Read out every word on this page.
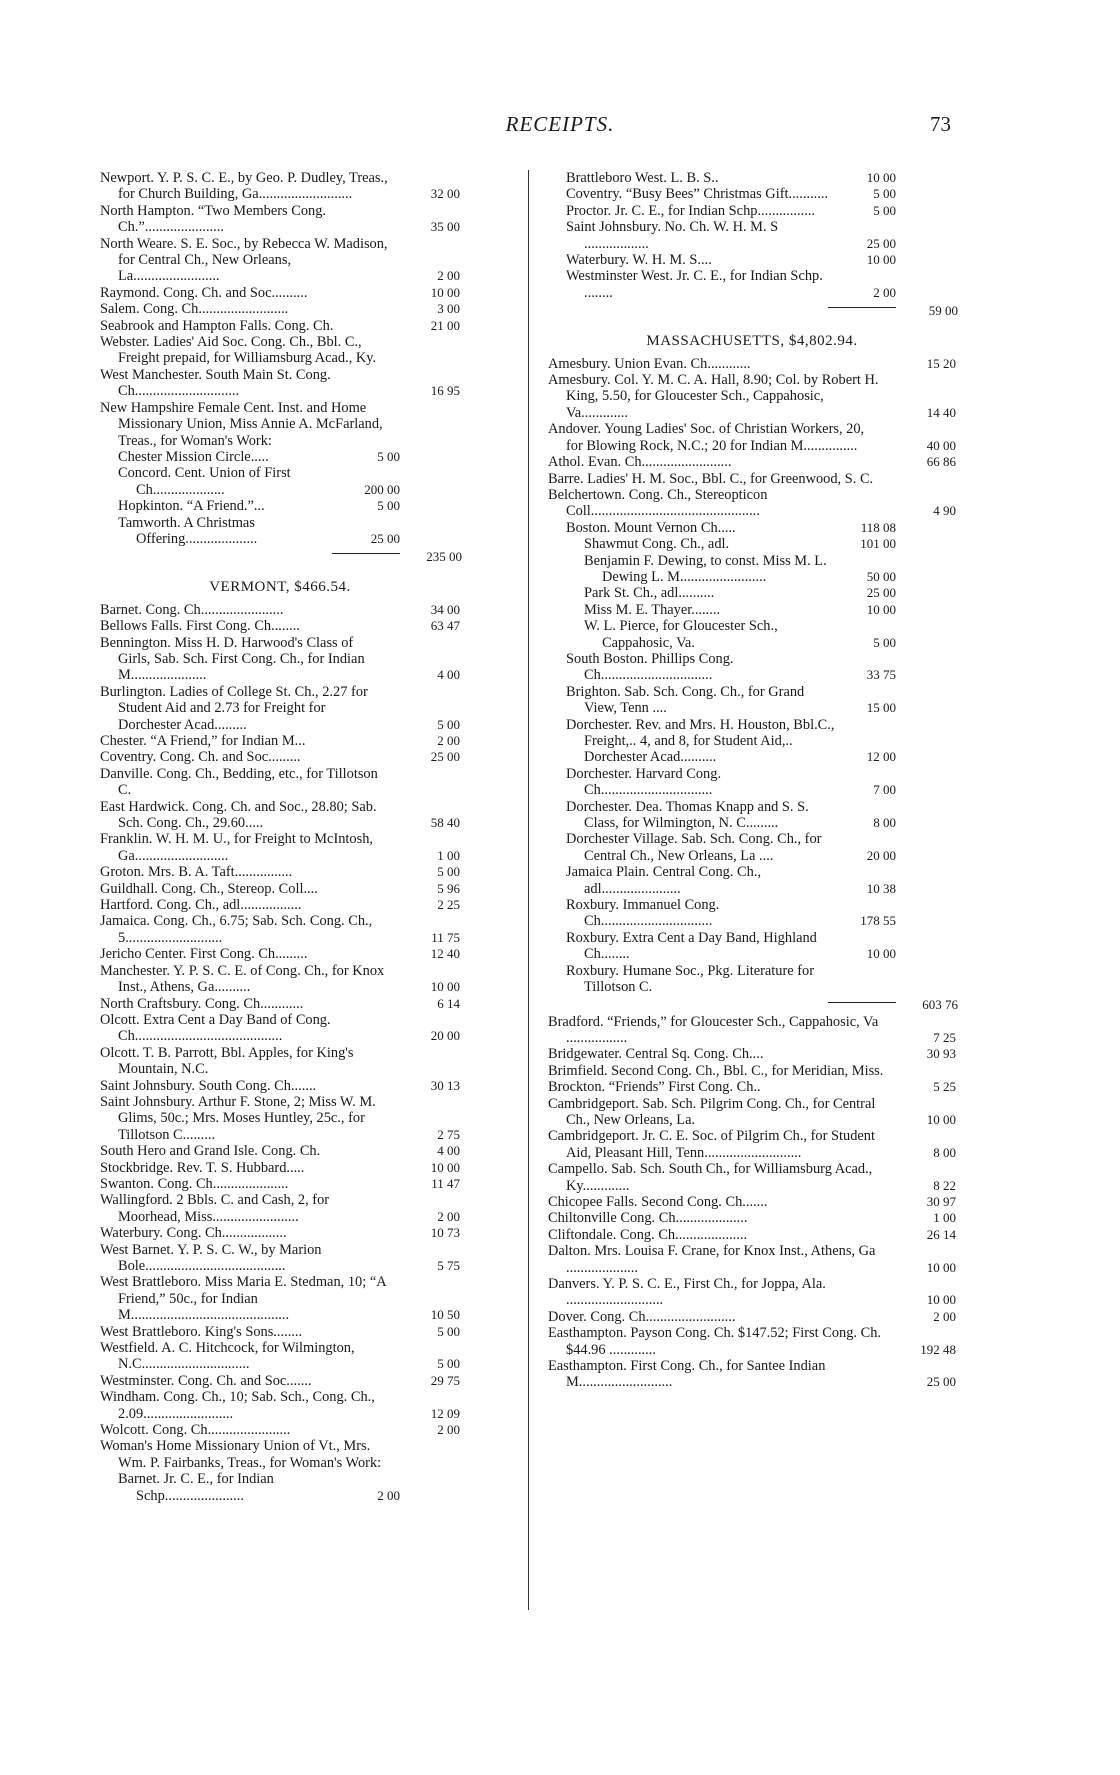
RECEIPTS.	73
Newport. Y. P. S. C. E., by Geo. P. Dudley, Treas., for Church Building, Ga..........................	32 00
North Hampton. “Two Members Cong. Ch.”......................	35 00
North Weare. S. E. Soc., by Rebecca W. Madison, for Central Ch., New Orleans, La........................	2 00
Raymond. Cong. Ch. and Soc..........	10 00
Salem. Cong. Ch.........................	3 00
Seabrook and Hampton Falls. Cong. Ch.	21 00
Webster. Ladies' Aid Soc. Cong. Ch., Bbl. C., Freight prepaid, for Williamsburg Acad., Ky.
West Manchester. South Main St. Cong. Ch.............................	16 95
New Hampshire Female Cent. Inst. and Home Missionary Union, Miss Annie A. McFarland, Treas., for Woman's Work:
Chester Mission Circle.....	5 00
Concord. Cent. Union of First Ch....................	200 00
Hopkinton. “A Friend.”...	5 00
Tamworth. A Christmas Offering....................	25 00
235 00
VERMONT, $466.54.
Barnet. Cong. Ch.......................	34 00
Bellows Falls. First Cong. Ch........	63 47
Bennington. Miss H. D. Harwood's Class of Girls, Sab. Sch. First Cong. Ch., for Indian M.....................	4 00
Burlington. Ladies of College St. Ch., 2.27 for Student Aid and 2.73 for Freight for Dorchester Acad.........	5 00
Chester. “A Friend,” for Indian M...	2 00
Coventry. Cong. Ch. and Soc.........	25 00
Danville. Cong. Ch., Bedding, etc., for Tillotson C.
East Hardwick. Cong. Ch. and Soc., 28.80; Sab. Sch. Cong. Ch., 29.60.....	58 40
Franklin. W. H. M. U., for Freight to McIntosh, Ga..........................	1 00
Groton. Mrs. B. A. Taft................	5 00
Guildhall. Cong. Ch., Stereop. Coll....	5 96
Hartford. Cong. Ch., adl.................	2 25
Jamaica. Cong. Ch., 6.75; Sab. Sch. Cong. Ch., 5...........................	11 75
Jericho Center. First Cong. Ch.........	12 40
Manchester. Y. P. S. C. E. of Cong. Ch., for Knox Inst., Athens, Ga..........	10 00
North Craftsbury. Cong. Ch............	6 14
Olcott. Extra Cent a Day Band of Cong. Ch.........................................	20 00
Olcott. T. B. Parrott, Bbl. Apples, for King's Mountain, N.C.
Saint Johnsbury. South Cong. Ch.......	30 13
Saint Johnsbury. Arthur F. Stone, 2; Miss W. M. Glims, 50c.; Mrs. Moses Huntley, 25c., for Tillotson C.........	2 75
South Hero and Grand Isle. Cong. Ch.	4 00
Stockbridge. Rev. T. S. Hubbard.....	10 00
Swanton. Cong. Ch.....................	11 47
Wallingford. 2 Bbls. C. and Cash, 2, for Moorhead, Miss........................	2 00
Waterbury. Cong. Ch..................	10 73
West Barnet. Y. P. S. C. W., by Marion Bole.......................................	5 75
West Brattleboro. Miss Maria E. Stedman, 10; “A Friend,” 50c., for Indian M............................................	10 50
West Brattleboro. King's Sons........	5 00
Westfield. A. C. Hitchcock, for Wilmington, N.C..............................	5 00
Westminster. Cong. Ch. and Soc.......	29 75
Windham. Cong. Ch., 10; Sab. Sch., Cong. Ch., 2.09.........................	12 09
Wolcott. Cong. Ch.......................	2 00
Woman's Home Missionary Union of Vt., Mrs. Wm. P. Fairbanks, Treas., for Woman's Work:
Barnet. Jr. C. E., for Indian Schp......................	2 00
Brattleboro West. L. B. S..	10 00
Coventry. “Busy Bees” Christmas Gift...........	5 00
Proctor. Jr. C. E., for Indian Schp................	5 00
Saint Johnsbury. No. Ch. W. H. M. S ..................	25 00
Waterbury. W. H. M. S....	10 00
Westminster West. Jr. C. E., for Indian Schp. ........	2 00
59 00
MASSACHUSETTS, $4,802.94.
Amesbury. Union Evan. Ch............	15 20
Amesbury. Col. Y. M. C. A. Hall, 8.90; Col. by Robert H. King, 5.50, for Gloucester Sch., Cappahosic, Va.............	14 40
Andover. Young Ladies' Soc. of Christian Workers, 20, for Blowing Rock, N.C.; 20 for Indian M...............	40 00
Athol. Evan. Ch.........................	66 86
Barre. Ladies' H. M. Soc., Bbl. C., for Greenwood, S. C.
Belchertown. Cong. Ch., Stereopticon Coll...............................................	4 90
Boston. Mount Vernon Ch.....	118 08
Shawmut Cong. Ch., adl.	101 00
Benjamin F. Dewing, to const. Miss M. L. Dewing L. M........................	50 00
Park St. Ch., adl..........	25 00
Miss M. E. Thayer........	10 00
W. L. Pierce, for Gloucester Sch., Cappahosic, Va.	5 00
South Boston. Phillips Cong. Ch...............................	33 75
Brighton. Sab. Sch. Cong. Ch., for Grand View, Tenn ....	15 00
Dorchester. Rev. and Mrs. H. Houston, Bbl.C., Freight,.. 4, and 8, for Student Aid,.. Dorchester Acad..........	12 00
Dorchester. Harvard Cong. Ch...............................	7 00
Dorchester. Dea. Thomas Knapp and S. S. Class, for Wilmington, N. C.........	8 00
Dorchester Village. Sab. Sch. Cong. Ch., for Central Ch., New Orleans, La ....	20 00
Jamaica Plain. Central Cong. Ch., adl......................	10 38
Roxbury. Immanuel Cong. Ch...............................	178 55
Roxbury. Extra Cent a Day Band, Highland Ch........	10 00
Roxbury. Humane Soc., Pkg. Literature for Tillotson C.
603 76
Bradford. “Friends,” for Gloucester Sch., Cappahosic, Va .................	7 25
Bridgewater. Central Sq. Cong. Ch....	30 93
Brimfield. Second Cong. Ch., Bbl. C., for Meridian, Miss.
Brockton. “Friends” First Cong. Ch..	5 25
Cambridgeport. Sab. Sch. Pilgrim Cong. Ch., for Central Ch., New Orleans, La.	10 00
Cambridgeport. Jr. C. E. Soc. of Pilgrim Ch., for Student Aid, Pleasant Hill, Tenn...........................	8 00
Campello. Sab. Sch. South Ch., for Williamsburg Acad., Ky.............	8 22
Chicopee Falls. Second Cong. Ch.......	30 97
Chiltonville Cong. Ch....................	1 00
Cliftondale. Cong. Ch....................	26 14
Dalton. Mrs. Louisa F. Crane, for Knox Inst., Athens, Ga ....................	10 00
Danvers. Y. P. S. C. E., First Ch., for Joppa, Ala. ...........................	10 00
Dover. Cong. Ch.........................	2 00
Easthampton. Payson Cong. Ch. $147.52; First Cong. Ch. $44.96 .............	192 48
Easthampton. First Cong. Ch., for Santee Indian M..........................	25 00
